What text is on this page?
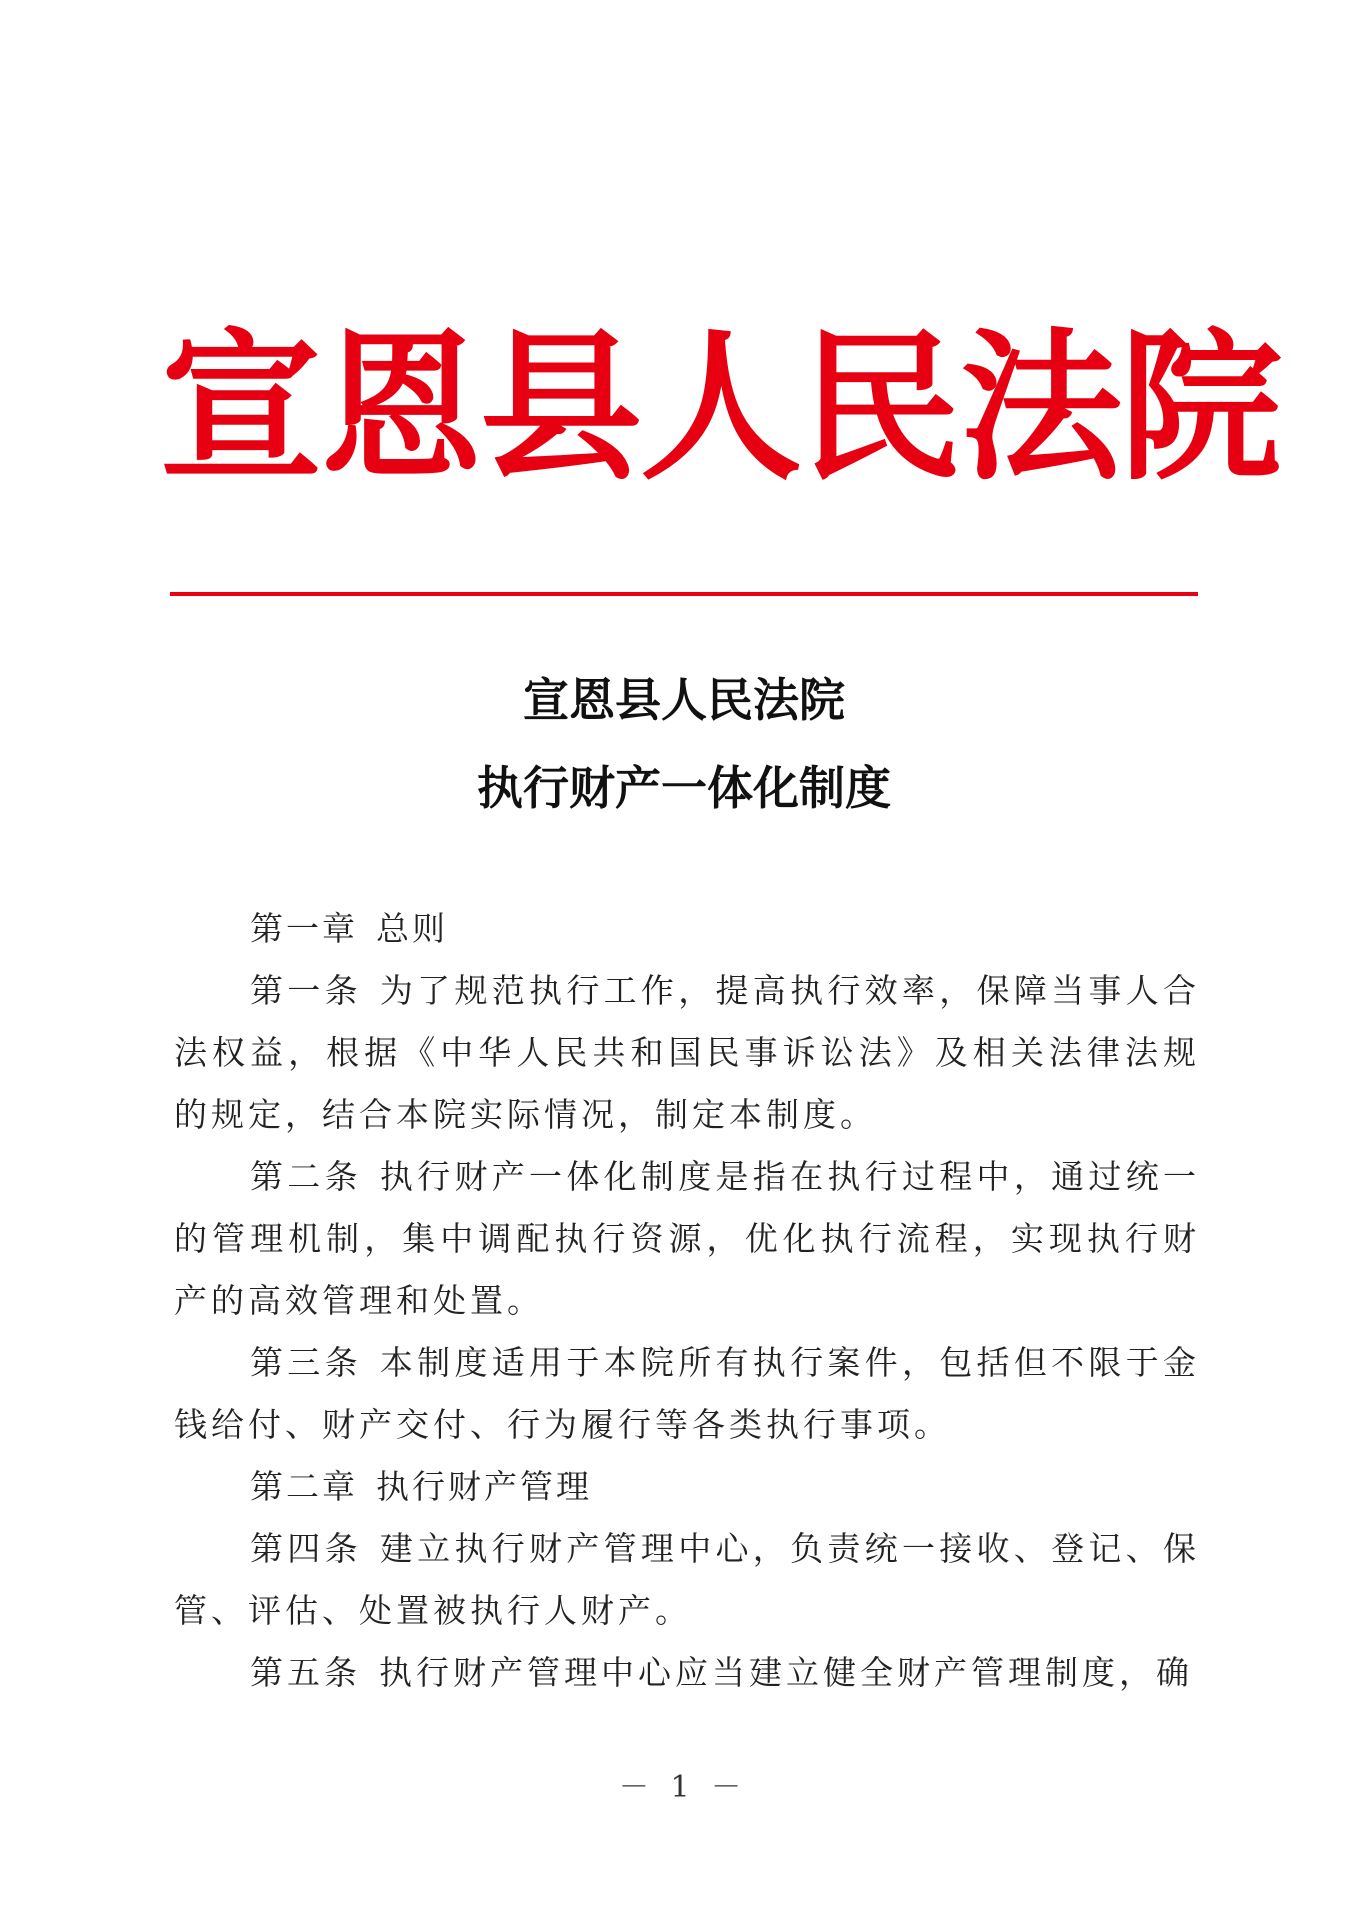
宣恩县人民法院
宣恩县人民法院
执行财产一体化制度

第一章 总则

第一条 为了规范执行工作，提高执行效率，保障当事人合法权益，根据《中华人民共和国民事诉讼法》及相关法律法规的规定，结合本院实际情况，制定本制度。

第二条 执行财产一体化制度是指在执行过程中，通过统一的管理机制，集中调配执行资源，优化执行流程，实现执行财产的高效管理和处置。

第三条 本制度适用于本院所有执行案件，包括但不限于金钱给付、财产交付、行为履行等各类执行事项。

第二章 执行财产管理

第四条 建立执行财产管理中心，负责统一接收、登记、保管、评估、处置被执行人财产。

第五条 执行财产管理中心应当建立健全财产管理制度，确

－ 1 －
